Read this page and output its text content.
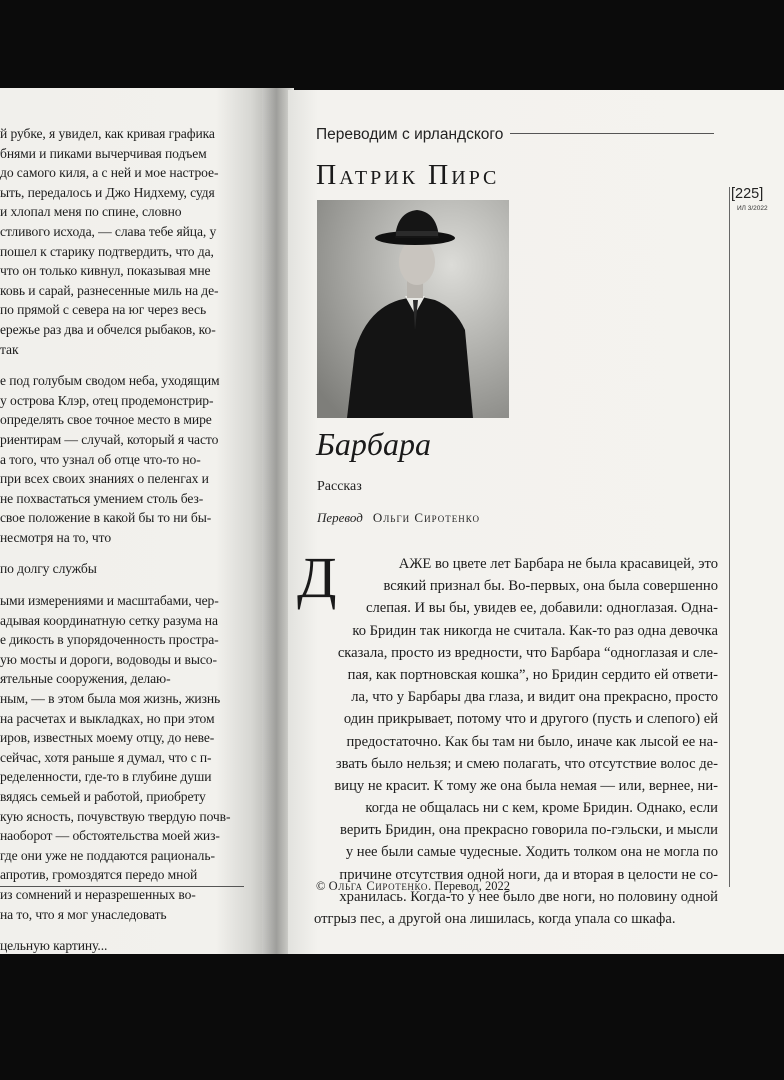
й рубке, я увидел, как кривая графика
бнями и пиками вычерчивая подъем
до самого киля, а с ней и мое настрое-
ыть, передалось и Джо Нидхему, судя
и хлопал меня по спине, словно
стливого исхода, — слава тебе яйца, у
пошел к старику подтвердить, что да,
что он только кивнул, показывая мне
ковь и сарай, разнесенные миль на де-
по прямой с севера на юг через весь
ережье раз два и обчелся рыбаков, ко-
так
е под голубым сводом неба, уходящим
у острова Клэр, отец продемонстрир-
определять свое точное место в мире
риентирам — случай, который я часто
а того, что узнал об отце что-то но-
при всех своих знаниях о пеленгах и
не похвастаться умением столь без-
свое положение в какой бы то ни бы-
несмотря на то, что
по долгу службы
ыми измерениями и масштабами, чер-
адывая координатную сетку разума на
е дикость в упорядоченность простра-
ую мосты и дороги, водоводы и высо-
ятельные сооружения, делаю-
ным, — в этом была моя жизнь, жизнь
на расчетах и выкладках, но при этом
иров, известных моему отцу, до неве-
сейчас, хотя раньше я думал, что с п-
ределенности, где-то в глубине души
вядясь семьей и работой, приобрету
кую ясность, почувствую твердую почв-
наоборот — обстоятельства моей жиз-
где они уже не поддаются рациональ-
апротив, громоздятся передо мной
из сомнений и неразрешенных во-
на то, что я мог унаследовать
цельную картину...
Переводим с ирландского
Патрик Пирс
Барбара
Рассказ
Перевод Ольги Сиротенко
Д	АЖЕ во цвете лет Барбара не была красавицей, это
всякий признал бы. Во-первых, она была совершенно
слепая. И вы бы, увидев ее, добавили: одноглазая. Одна-
ко Бридин так никогда не считала. Как-то раз одна девочка
сказала, просто из вредности, что Барбара “одноглазая и сле-
пая, как портновская кошка”, но Бридин сердито ей ответи-
ла, что у Барбары два глаза, и видит она прекрасно, просто
один прикрывает, потому что и другого (пусть и слепого) ей
предостаточно. Как бы там ни было, иначе как лысой ее на-
звать было нельзя; и смею полагать, что отсутствие волос де-
вицу не красит. К тому же она была немая — или, вернее, ни-
когда не общалась ни с кем, кроме Бридин. Однако, если
верить Бридин, она прекрасно говорила по-гэльски, и мысли
у нее были самые чудесные. Ходить толком она не могла по
причине отсутствия одной ноги, да и вторая в целости не со-
хранилась. Когда-то у нее было две ноги, но половину одной
отгрыз пес, а другой она лишилась, когда упала со шкафа.
© Ольга Сиротенко. Перевод, 2022
[225]
ИЛ 3/2022
